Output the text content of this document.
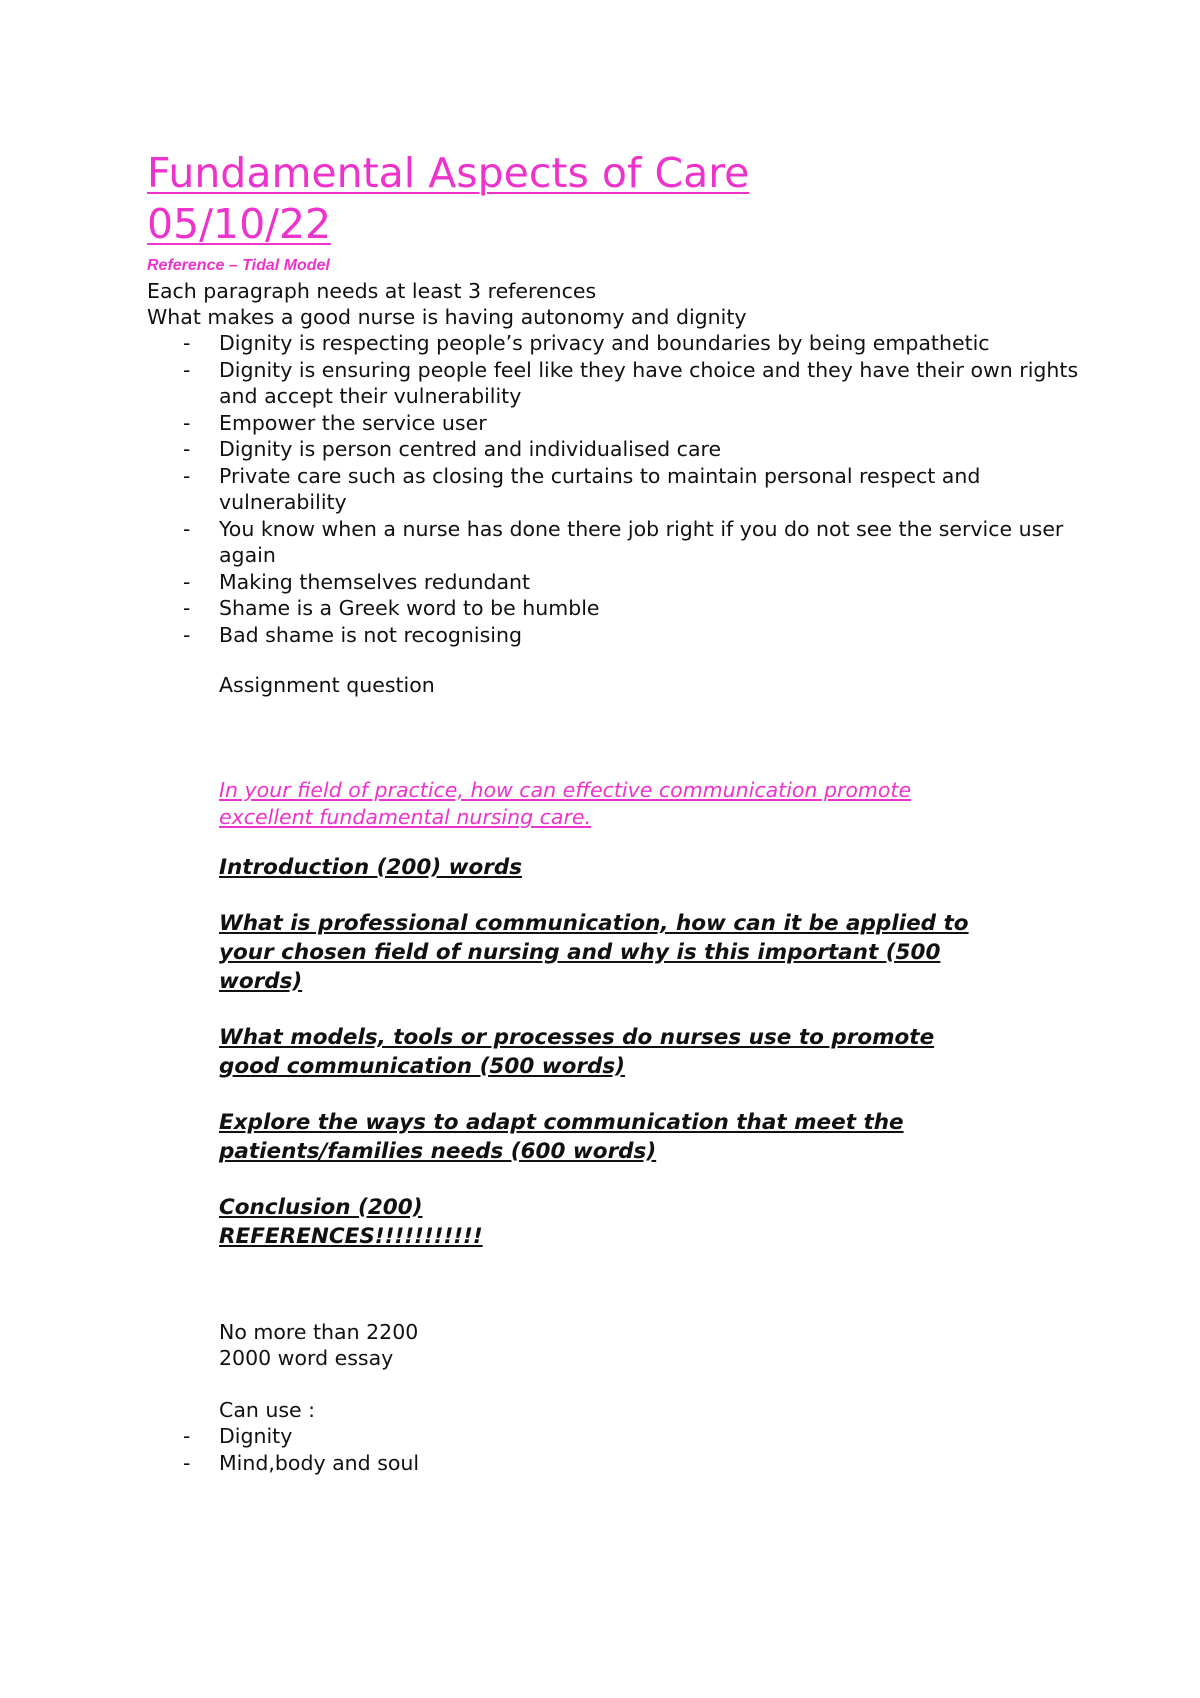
Fundamental Aspects of Care
05/10/22
Reference – Tidal Model
Each paragraph needs at least 3 references
What makes a good nurse is having autonomy and dignity
- Dignity is respecting people’s privacy and boundaries by being empathetic
- Dignity is ensuring people feel like they have choice and they have their own rights and accept their vulnerability
- Empower the service user
- Dignity is person centred and individualised care
- Private care such as closing the curtains to maintain personal respect and vulnerability
- You know when a nurse has done there job right if you do not see the service user again
- Making themselves redundant
- Shame is a Greek word to be humble
- Bad shame is not recognising
Assignment question
In your field of practice, how can effective communication promote excellent fundamental nursing care.
Introduction (200) words
What is professional communication, how can it be applied to your chosen field of nursing and why is this important (500 words)
What models, tools or processes do nurses use to promote good communication (500 words)
Explore the ways to adapt communication that meet the patients/families needs (600 words)
Conclusion (200)
REFERENCES!!!!!!!!!!!
No more than 2200
2000 word essay
Can use :
- Dignity
- Mind,body and soul
